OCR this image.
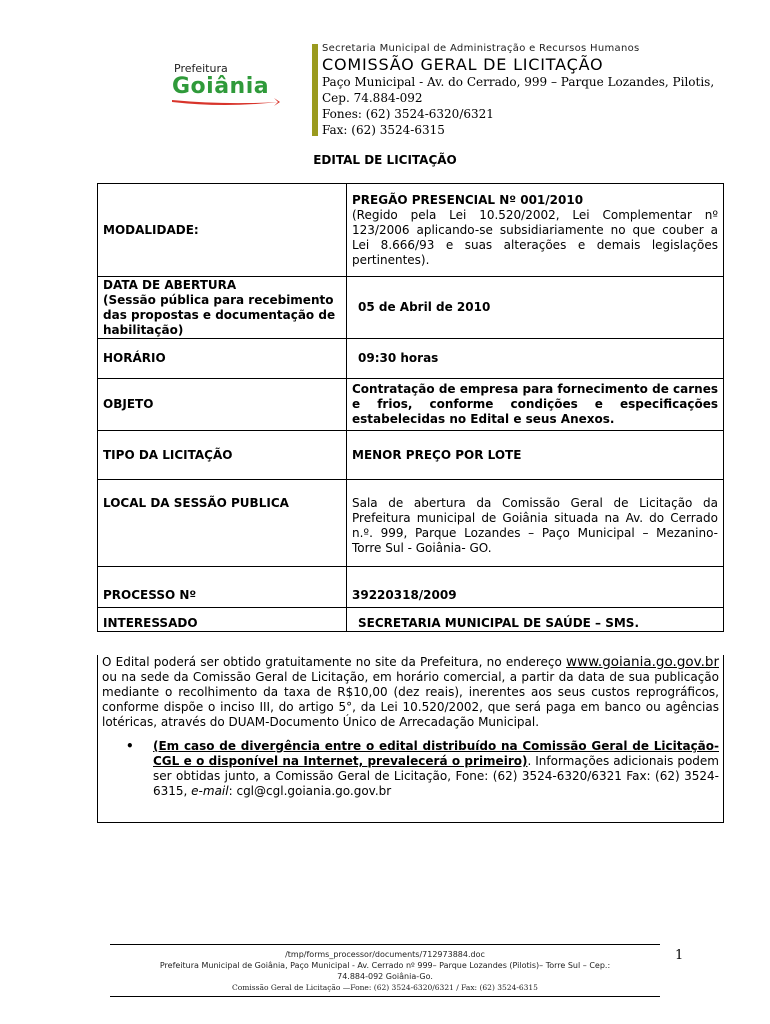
Prefeitura
Goiânia
Secretaria Municipal de Administração e Recursos Humanos
COMISSÃO GERAL DE LICITAÇÃO
Paço Municipal - Av. do Cerrado, 999 – Parque Lozandes, Pilotis,
Cep. 74.884-092
Fones: (62) 3524-6320/6321
Fax: (62) 3524-6315
EDITAL DE LICITAÇÃO
MODALIDADE:	PREGÃO PRESENCIAL Nº 001/2010
(Regido pela Lei 10.520/2002, Lei Complementar nº 123/2006 aplicando-se subsidiariamente no que couber a Lei 8.666/93 e suas alterações e demais legislações pertinentes).

DATA DE ABERTURA
(Sessão pública para recebimento das propostas e documentação de habilitação)	05 de Abril de 2010
HORÁRIO	09:30 horas
OBJETO	Contratação de empresa para fornecimento de carnes e frios, conforme condições e especificações estabelecidas no Edital e seus Anexos.
TIPO DA LICITAÇÃO	MENOR PREÇO POR LOTE
LOCAL DA SESSÃO PUBLICA	Sala de abertura da Comissão Geral de Licitação da Prefeitura municipal de Goiânia situada na Av. do Cerrado n.º. 999, Parque Lozandes – Paço Municipal – Mezanino- Torre Sul - Goiânia- GO.
PROCESSO Nº	39220318/2009
INTERESSADO	SECRETARIA MUNICIPAL DE SAÚDE – SMS.
O Edital poderá ser obtido gratuitamente no site da Prefeitura, no endereço www.goiania.go.gov.br ou na sede da Comissão Geral de Licitação, em horário comercial, a partir da data de sua publicação mediante o recolhimento da taxa de R$10,00 (dez reais), inerentes aos seus custos reprográficos, conforme dispõe o inciso III, do artigo 5°, da Lei 10.520/2002, que será paga em banco ou agências lotéricas, através do DUAM-Documento Único de Arrecadação Municipal.
• (Em caso de divergência entre o edital distribuído na Comissão Geral de Licitação-CGL e o disponível na Internet, prevalecerá o primeiro). Informações adicionais podem ser obtidas junto, a Comissão Geral de Licitação, Fone: (62) 3524-6320/6321 Fax: (62) 3524-6315, e-mail: cgl@cgl.goiania.go.gov.br
/tmp/forms_processor/documents/712973884.doc
Prefeitura Municipal de Goiânia, Paço Municipal - Av. Cerrado nº 999– Parque Lozandes (Pilotis)– Torre Sul – Cep.:
74.884-092 Goiânia-Go.
Comissão Geral de Licitação —Fone: (62) 3524-6320/6321 / Fax: (62) 3524-6315
1
